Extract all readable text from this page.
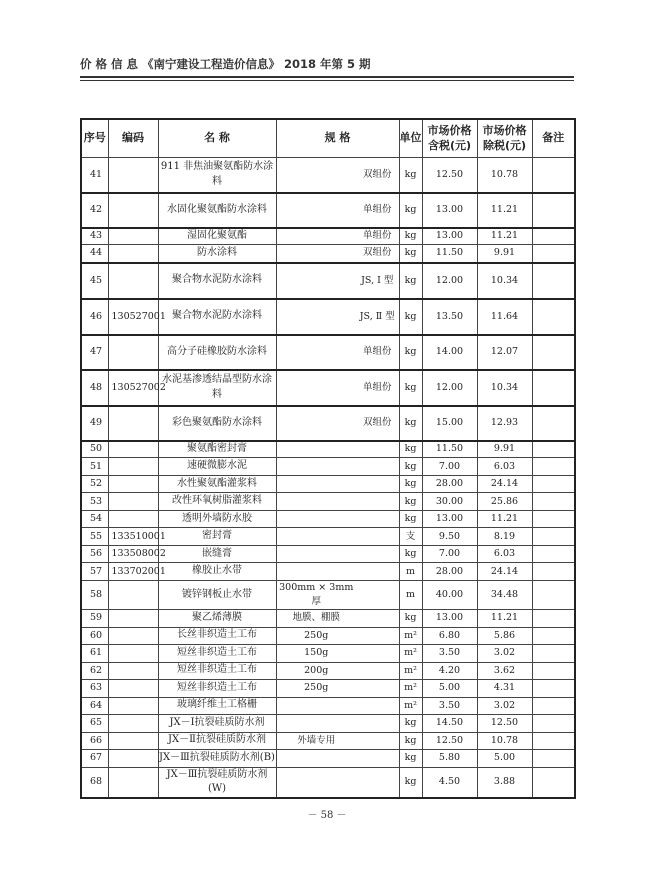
价 格 信 息 《南宁建设工程造价信息》 2018 年第 5 期
序号	编码	名 称	规 格		单位	市场价格含税(元)	市场价格除税(元)	备注
41		911 非焦油聚氨酯防水涂料		双组份	kg	12.50	10.78	
42		水固化聚氨酯防水涂料		单组份	kg	13.00	11.21	
43		湿固化聚氨酯		单组份	kg	13.00	11.21	
44		防水涂料		双组份	kg	11.50	9.91	
45		聚合物水泥防水涂料		JS, Ⅰ 型	kg	12.00	10.34	
46	130527001	聚合物水泥防水涂料		JS, Ⅱ 型	kg	13.50	11.64	
47		高分子硅橡胶防水涂料		单组份	kg	14.00	12.07	
48	130527002	水泥基渗透结晶型防水涂料		单组份	kg	12.00	10.34	
49		彩色聚氨酯防水涂料		双组份	kg	15.00	12.93	
50		聚氨酯密封膏			kg	11.50	9.91	
51		速硬微膨水泥			kg	7.00	6.03	
52		水性聚氨酯灌浆料			kg	28.00	24.14	
53		改性环氧树脂灌浆料			kg	30.00	25.86	
54		透明外墙防水胶			kg	13.00	11.21	
55	133510001	密封膏			支	9.50	8.19	
56	133508002	嵌缝膏			kg	7.00	6.03	
57	133702001	橡胶止水带			m	28.00	24.14	
58		镀锌钢板止水带	300mm × 3mm 厚		m	40.00	34.48	
59		聚乙烯薄膜	地膜、棚膜		kg	13.00	11.21	
60		长丝非织造土工布	250g		m²	6.80	5.86	
61		短丝非织造土工布	150g		m²	3.50	3.02	
62		短丝非织造土工布	200g		m²	4.20	3.62	
63		短丝非织造土工布	250g		m²	5.00	4.31	
64		玻璃纤维土工格栅			m²	3.50	3.02	
65		JX－Ⅰ抗裂硅质防水剂			kg	14.50	12.50	
66		JX－Ⅱ抗裂硅质防水剂	外墙专用		kg	12.50	10.78	
67		JX－Ⅲ抗裂硅质防水剂(B)			kg	5.80	5.00	
68		JX－Ⅲ抗裂硅质防水剂(W)			kg	4.50	3.88	
－ 58 －
